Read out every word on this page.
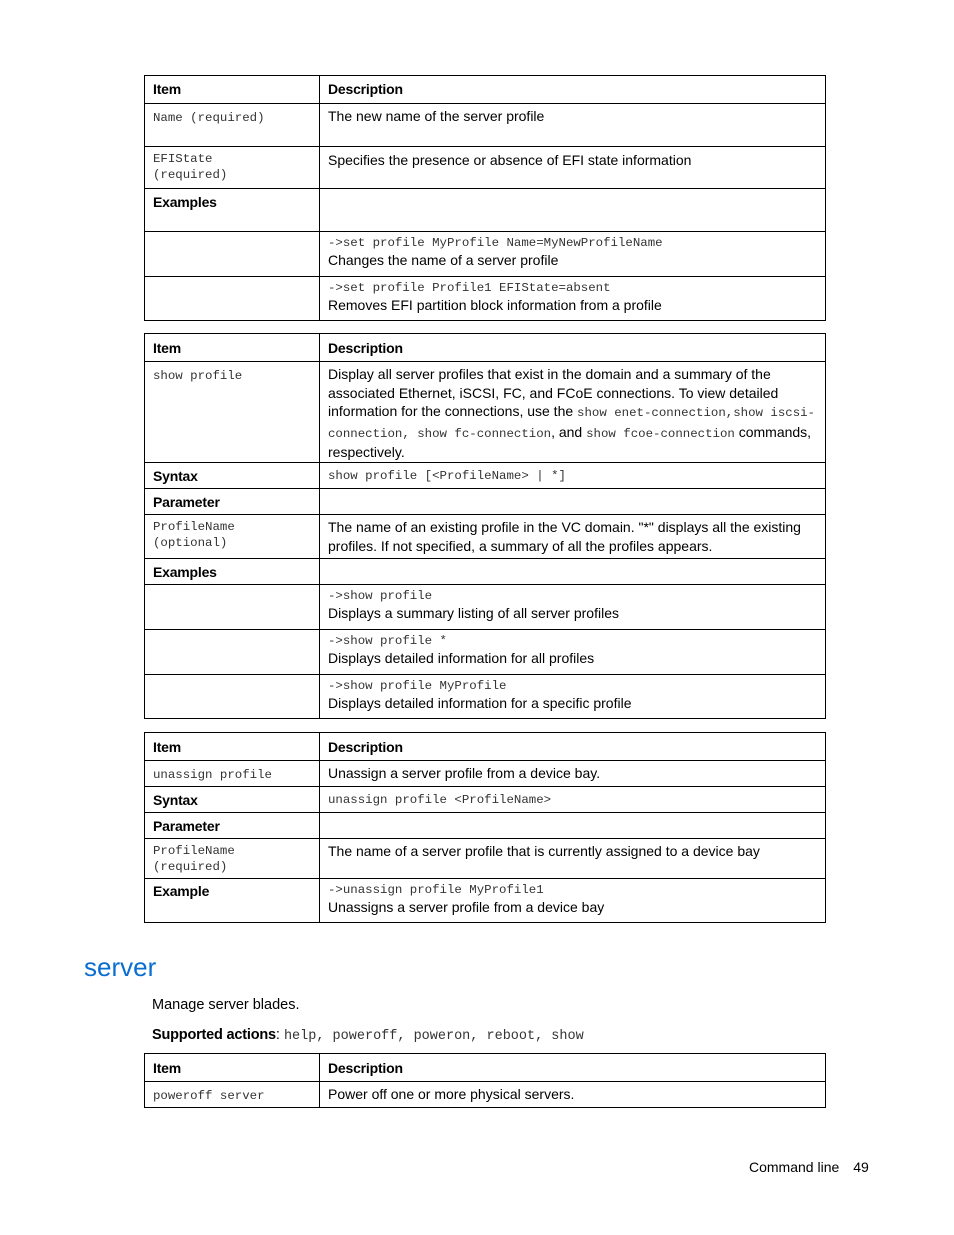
Item	Description
Name (required)	The new name of the server profile

EFIState (required)	Specifies the presence or absence of EFI state information
Examples	

	->set profile MyProfile Name=MyNewProfileName
Changes the name of a server profile

	->set profile Profile1 EFIState=absent
Removes EFI partition block information from a profile
Item	Description
show profile	Display all server profiles that exist in the domain and a summary of the associated Ethernet, iSCSI, FC, and FCoE connections. To view detailed information for the connections, use the show enet-connection,show iscsi-connection, show fc-connection, and show fcoe-connection commands, respectively.
Syntax	show profile [<ProfileName> | *]
Parameter	

ProfileName (optional)	The name of an existing profile in the VC domain. "*" displays all the existing profiles. If not specified, a summary of all the profiles appears.
Examples	

	->show profile
Displays a summary listing of all server profiles

	->show profile *
Displays detailed information for all profiles

	->show profile MyProfile
Displays detailed information for a specific profile
Item	Description
unassign profile	Unassign a server profile from a device bay.
Syntax	unassign profile <ProfileName>
Parameter	

ProfileName (required)	The name of a server profile that is currently assigned to a device bay
Example	->unassign profile MyProfile1
Unassigns a server profile from a device bay
server
Manage server blades.
Supported actions: help, poweroff, poweron, reboot, show
Item	Description
poweroff server	Power off one or more physical servers.
Command line 49
